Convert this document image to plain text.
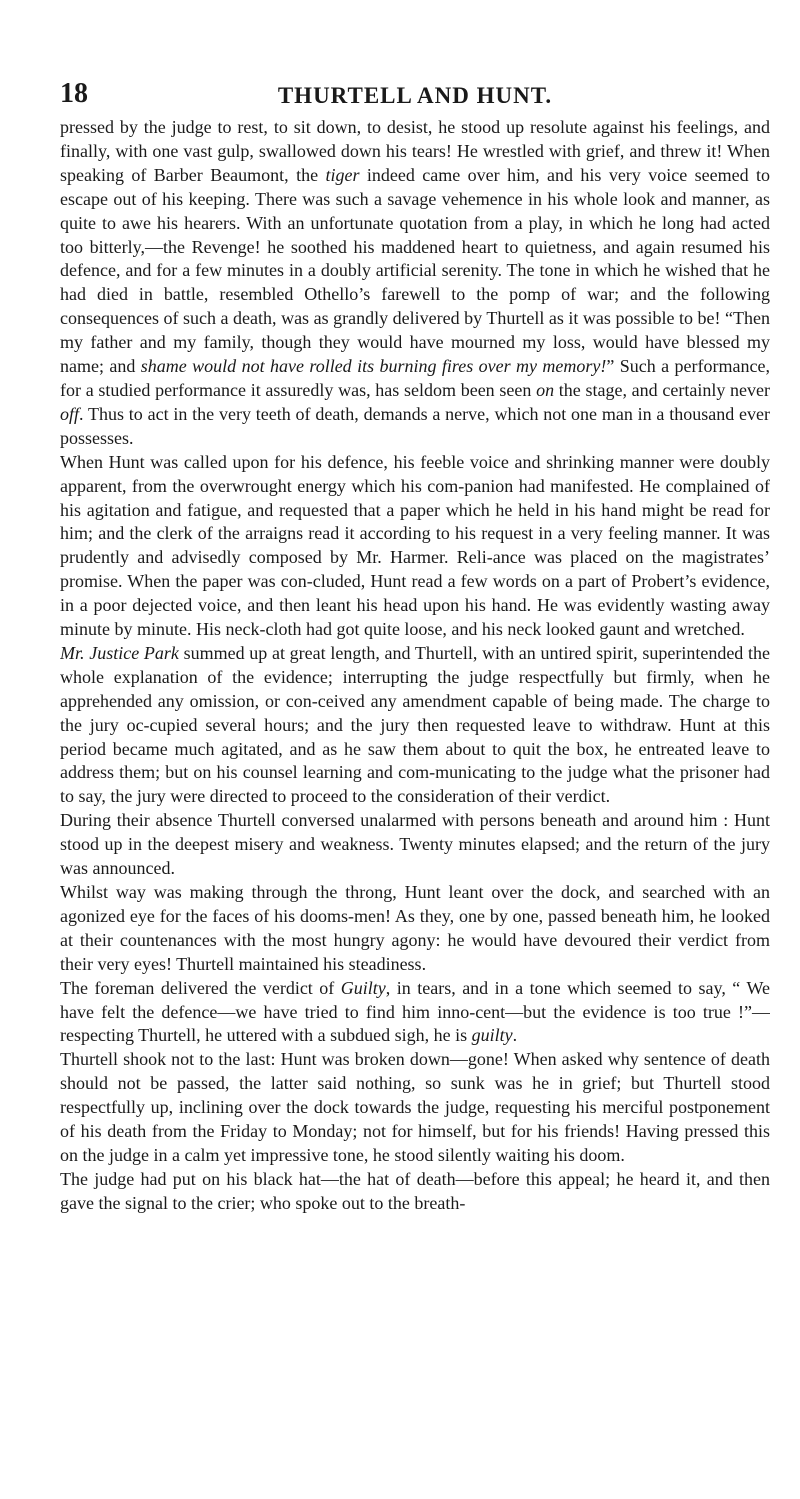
18	THURTELL AND HUNT.

pressed by the judge to rest, to sit down, to desist, he stood up resolute against his feelings, and finally, with one vast gulp, swallowed down his tears! He wrestled with grief, and threw it! When speaking of Barber Beaumont, the tiger indeed came over him, and his very voice seemed to escape out of his keeping. There was such a savage vehemence in his whole look and manner, as quite to awe his hearers. With an unfortunate quotation from a play, in which he long had acted too bitterly,—the Revenge! he soothed his maddened heart to quietness, and again resumed his defence, and for a few minutes in a doubly artificial serenity. The tone in which he wished that he had died in battle, resembled Othello’s farewell to the pomp of war; and the following consequences of such a death, was as grandly delivered by Thurtell as it was possible to be! “Then my father and my family, though they would have mourned my loss, would have blessed my name; and shame would not have rolled its burning fires over my memory!” Such a performance, for a studied performance it assuredly was, has seldom been seen on the stage, and certainly never off. Thus to act in the very teeth of death, demands a nerve, which not one man in a thousand ever possesses.

When Hunt was called upon for his defence, his feeble voice and shrinking manner were doubly apparent, from the overwrought energy which his com-panion had manifested. He complained of his agitation and fatigue, and requested that a paper which he held in his hand might be read for him; and the clerk of the arraigns read it according to his request in a very feeling manner. It was prudently and advisedly composed by Mr. Harmer. Reli-ance was placed on the magistrates’ promise. When the paper was con-cluded, Hunt read a few words on a part of Probert’s evidence, in a poor dejected voice, and then leant his head upon his hand. He was evidently wasting away minute by minute. His neck-cloth had got quite loose, and his neck looked gaunt and wretched.

Mr. Justice Park summed up at great length, and Thurtell, with an untired spirit, superintended the whole explanation of the evidence; interrupting the judge respectfully but firmly, when he apprehended any omission, or con-ceived any amendment capable of being made. The charge to the jury oc-cupied several hours; and the jury then requested leave to withdraw. Hunt at this period became much agitated, and as he saw them about to quit the box, he entreated leave to address them; but on his counsel learning and com-municating to the judge what the prisoner had to say, the jury were directed to proceed to the consideration of their verdict.

During their absence Thurtell conversed unalarmed with persons beneath and around him : Hunt stood up in the deepest misery and weakness. Twenty minutes elapsed; and the return of the jury was announced.

Whilst way was making through the throng, Hunt leant over the dock, and searched with an agonized eye for the faces of his dooms-men! As they, one by one, passed beneath him, he looked at their countenances with the most hungry agony: he would have devoured their verdict from their very eyes! Thurtell maintained his steadiness.

The foreman delivered the verdict of Guilty, in tears, and in a tone which seemed to say, “ We have felt the defence—we have tried to find him inno-cent—but the evidence is too true !”—respecting Thurtell, he uttered with a subdued sigh, he is guilty.

Thurtell shook not to the last: Hunt was broken down—gone! When asked why sentence of death should not be passed, the latter said nothing, so sunk was he in grief; but Thurtell stood respectfully up, inclining over the dock towards the judge, requesting his merciful postponement of his death from the Friday to Monday; not for himself, but for his friends! Having pressed this on the judge in a calm yet impressive tone, he stood silently waiting his doom.

The judge had put on his black hat—the hat of death—before this appeal; he heard it, and then gave the signal to the crier; who spoke out to the breath-
